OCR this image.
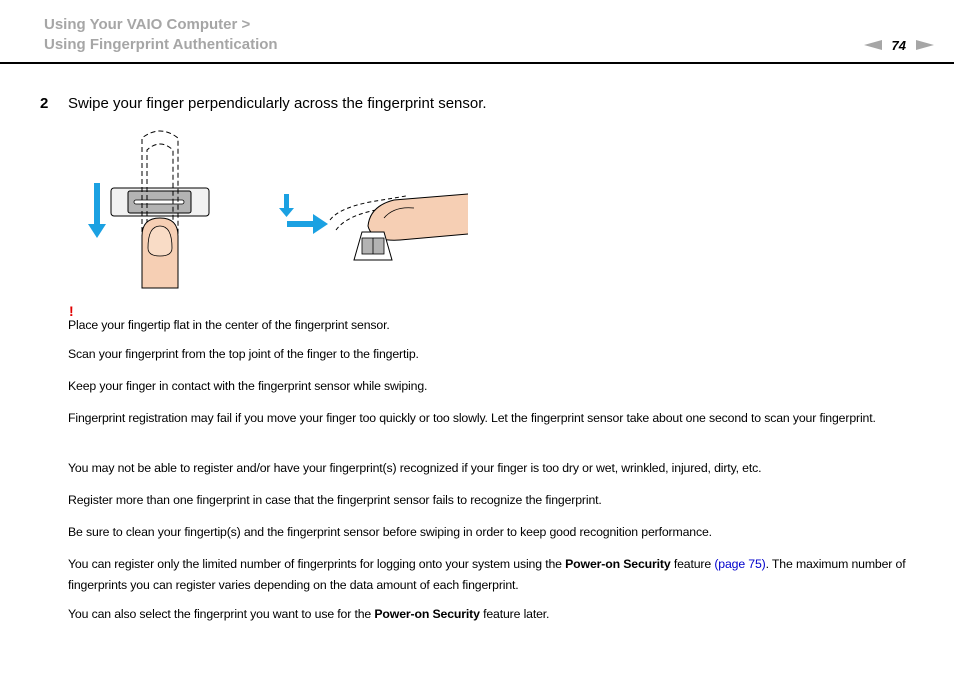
Using Your VAIO Computer >
Using Fingerprint Authentication	74
2 Swipe your finger perpendicularly across the fingerprint sensor.
!
Place your fingertip flat in the center of the fingerprint sensor.
Scan your fingerprint from the top joint of the finger to the fingertip.
Keep your finger in contact with the fingerprint sensor while swiping.
Fingerprint registration may fail if you move your finger too quickly or too slowly. Let the fingerprint sensor take about one second to scan your fingerprint.
You may not be able to register and/or have your fingerprint(s) recognized if your finger is too dry or wet, wrinkled, injured, dirty, etc.
Register more than one fingerprint in case that the fingerprint sensor fails to recognize the fingerprint.
Be sure to clean your fingertip(s) and the fingerprint sensor before swiping in order to keep good recognition performance.
You can register only the limited number of fingerprints for logging onto your system using the Power-on Security feature (page 75). The maximum number of fingerprints you can register varies depending on the data amount of each fingerprint.
You can also select the fingerprint you want to use for the Power-on Security feature later.
